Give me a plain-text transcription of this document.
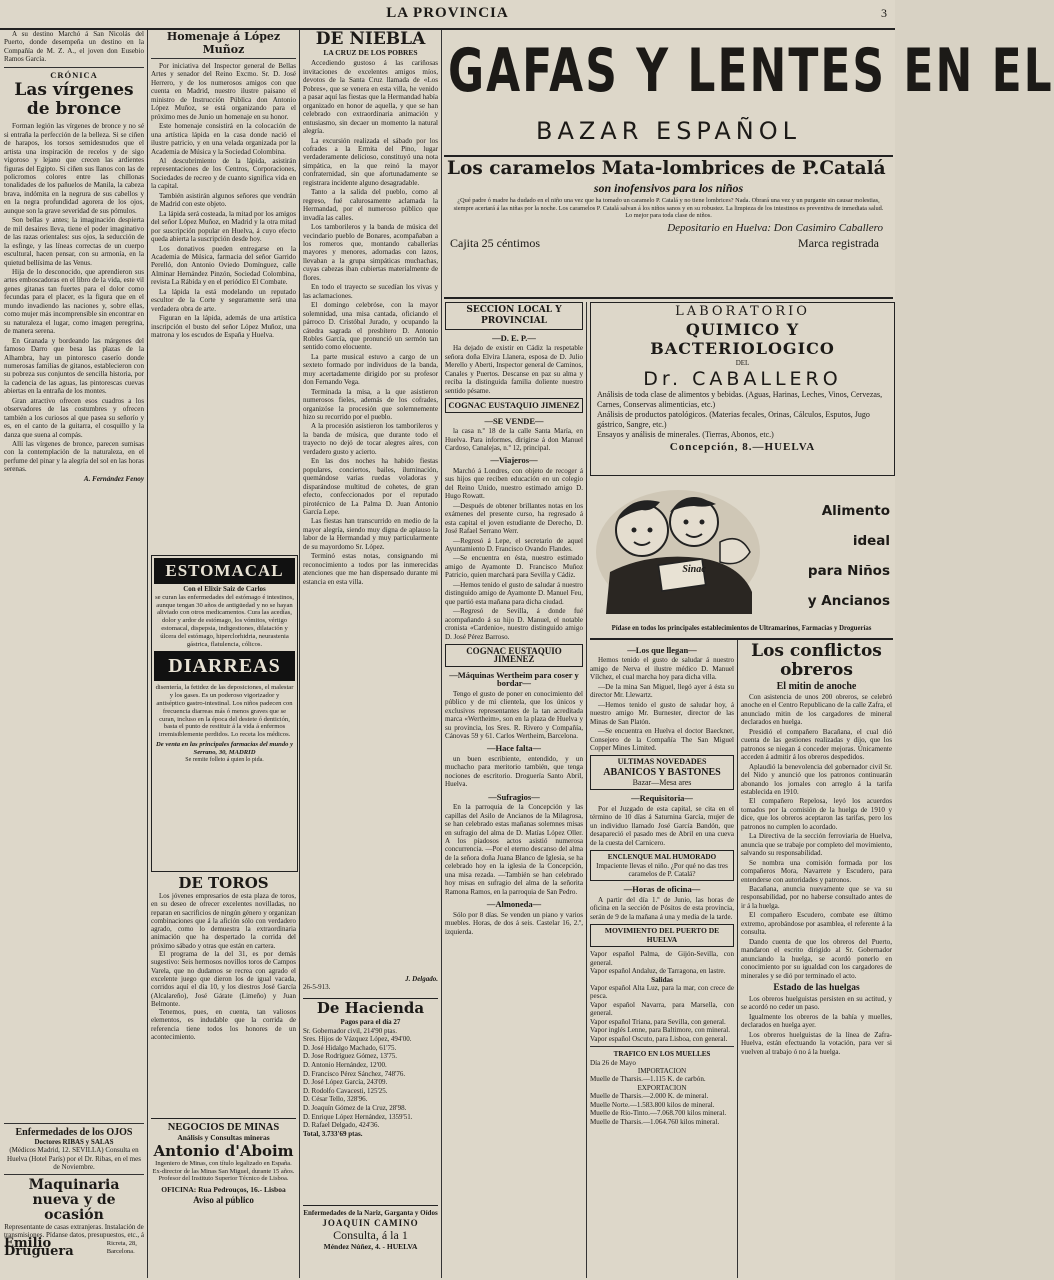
LA PROVINCIA	3

A su destino Marchó á San Nicolás del Puerto, donde desempeña un destino en la Compañía de M. Z. A., el joven don Eusebio Ramos García.

CRÓNICA
Las vírgenes de bronce

Forman legión las vírgenes de bronce y no sé si entraña la perfección de la belleza. Si se ciñen de harapos, los torsos semidesnudos que el artista una inspiración de recelos y de sigo vigoroso y lejano que crecen las ardientes figuras del Egipto. Si ciñen sus llanos con las de policromos colores entre las chillonas tonalidades de los pañuelos de Manila, la cabeza brava, indómita en la negrura de sus cabellos y en la negra profundidad agorera de los ojos, aunque son la grave severidad de sus pómulos.

Son bellas y antes; la imaginación despierta de mil desaires lleva, tiene el poder imaginativo de las razas orientales: sus ojos, la seducción de la esfinge, y las líneas correctas de un cuerpo escultural, hacen pensar, con su armonía, en la quietud bellísima de las Venus.

Hija de lo desconocido, que aprendieron sus artes emboscadoras en el libro de la vida, este vil genes gitanas tan fuertes para el dolor como fecundas para el placer, es la figura que en el mundo invadiendo las naciones y, sobre ellas, como mujer más incomprensible sin encontrar en su naturaleza el lugar, como imagen peregrina, de manera serena.

En Granada y bordeando las márgenes del famoso Darro que besa las plazas de la Alhambra, hay un pintoresco caserío donde numerosas familias de gitanos, establecieron con su pobreza sus conjuntos de sencilla historia, por la cadencia de las aguas, las pintorescas cuevas abiertas en la entraña de los montes.

Gran atractivo ofrecen esos cuadros a los observadores de las costumbres y ofrecen también a los curiosos al que pasea su señorío y es, en el canto de la guitarra, el cosquillo y la danza que suena al compás.

Allí las vírgenes de bronce, parecen sumisas con la contemplación de la naturaleza, en el perfume del pinar y la alegría del sol en las horas serenas.

A. Fernández Fenoy
Enfermedades de los OJOS
Doctores RIBAS y SALAS
(Médicos Madrid, 12. SEVILLA) Consulta en Huelva (Hotel París) por el Dr. Ribas, en el mes de Noviembre.
Maquinaria nueva y de ocasión
Representante de casas extranjeras. Instalación de transmisiones. Pídanse datos, presupuestos, etc., á
Emilio Druguera
Ricreta, 28, Barcelona.
Homenaje á López Muñoz

Por iniciativa del Inspector general de Bellas Artes y senador del Reino Excmo. Sr. D. José Herrero, y de los numerosos amigos con que cuenta en Madrid, nuestro ilustre paisano el ministro de Instrucción Pública don Antonio López Muñoz, se está organizando para el próximo mes de Junio un homenaje en su honor.

Este homenaje consistirá en la colocación de una artística lápida en la casa donde nació el ilustre patricio, y en una velada organizada por la Academia de Música y la Sociedad Colombina.

Al descubrimiento de la lápida, asistirán representaciones de los Centros, Corporaciones, Sociedades de recreo y de cuanto significa vida en la capital.

También asistirán algunos señores que vendrán de Madrid con este objeto.

La lápida será costeada, la mitad por los amigos del señor López Muñoz, en Madrid y la otra mitad por suscripción popular en Huelva, á cuyo efecto queda abierta la suscripción desde hoy.

Los donativos pueden entregarse en la Academia de Música, farmacia del señor Garrido Perelló, don Antonio Oviedo Domínguez, calle Alminar Hernández Pinzón, Sociedad Colombina, revista La Rábida y en el periódico El Combate.

La lápida la está modelando un reputado escultor de la Corte y seguramente será una verdadera obra de arte.

Figuran en la lápida, además de una artística inscripción el busto del señor López Muñoz, una matrona y los escudos de España y Huelva.

ESTOMACAL
Con el Elixir Saiz de Carlos
se curan las enfermedades del estómago é intestinos, aunque tengan 30 años de antigüedad y no se hayan aliviado con otros medicamentos. Cura las acedías, dolor y ardor de estómago, los vómitos, vértigo estomacal, dispepsia, indigestiones, dilatación y úlcera del estómago, hiperclorhidria, neurastenia gástrica, flatulencia, cólicos.
DIARREAS
disentería, la fetidez de las deposiciones, el malestar y los gases. Es un poderoso vigorizador y antiséptico gastro-intestinal. Los niños padecen con frecuencia diarreas más ó menos graves que se curan, incluso en la época del destete ó dentición, basta el punto de restituir á la vida á enfermos irremisiblemente perdidos. Lo receta los médicos.
De venta en las principales farmacias del mundo y Serrano, 30, MADRID
Se remite folleto á quien lo pida.
DE TOROS

Los jóvenes empresarios de esta plaza de toros, en su deseo de ofrecer excelentes novilladas, no reparan en sacrificios de ningún género y organizan combinaciones que á la afición sólo con verdadero agrado, como lo demuestra la extraordinaria animación que ha despertado la corrida del próximo sábado y otras que están en cartera.

El programa de la del 31, es por demás sugestivo: Seis hermosos novillos toros de Campos Varela, que no dudamos se recrea con agrado el excelente juego que dieron los de igual vacada, corridos aquí el día 10, y los diestros José García (Alcalareño), José Gárate (Limeño) y Juan Belmonte.

Tenemos, pues, en cuenta, tan valiosos elementos, es indudable que la corrida de referencia tiene todos los honores de un acontecimiento.

NEGOCIOS DE MINAS
Análisis y Consultas mineras
Antonio d'Aboim
Ingeniero de Minas, con título legalizado en España. Ex-director de las Minas San Miguel, durante 15 años. Profesor del Instituto Superior Técnico de Lisboa.
OFICINA: Rua Pedrouços, 16.- Lisboa
Aviso al público
DE NIEBLA
LA CRUZ DE LOS POBRES

Accediendo gustoso á las cariñosas invitaciones de excelentes amigos míos, devotos de la Santa Cruz llamada de «Los Pobres», que se venera en esta villa, he venido a pasar aquí las fiestas que la Hermandad había organizado en honor de aquella, y que se han celebrado con extraordinaria animación y entusiasmo, sin decaer un momento la natural alegría.

La excursión realizada el sábado por los cofrades a la Ermita del Pino, lugar verdaderamente delicioso, constituyó una nota simpática, en la que reinó la mayor confraternidad, sin que afortunadamente se registrara incidente alguno desagradable.

Tanto a la salida del pueblo, como al regreso, fué calurosamente aclamada la Hermandad, por el numeroso público que invadía las calles.

Los tamborileros y la banda de música del vecindario pueblo de Bonares, acompañaban a los romeros que, montando caballerías mayores y menores, adornadas con lazos, llevaban a la grupa simpáticas muchachas, cuyas cabezas iban cubiertas materialmente de flores.

En todo el trayecto se sucedían los vivas y las aclamaciones.

El domingo celebróse, con la mayor solemnidad, una misa cantada, oficiando el párroco D. Cristóbal Jurado, y ocupando la cátedra sagrada el presbítero D. Antonio Robles García, que pronunció un sermón tan sentido como elocuente.

La parte musical estuvo a cargo de un sexteto formado por individuos de la banda, muy acertadamente dirigido por su profesor don Fernando Vega.

Terminada la misa, a la que asistieron numerosos fieles, además de los cofrades, organizóse la procesión que solemnemente hizo su recorrido por el pueblo.

A la procesión asistieron los tamborileros y la banda de música, que durante todo el trayecto no dejó de tocar alegres aíres, con verdadero gusto y acierto.

En las dos noches ha habido fiestas populares, conciertos, bailes, iluminación, quemándose varias ruedas voladoras y disparándose multitud de cohetes, de gran efecto, confeccionados por el reputado pirotécnico de La Palma D. Juan Antonio García Lepe.

Las fiestas han transcurrido en medio de la mayor alegría, siendo muy digna de aplauso la labor de la Hermandad y muy particularmente de su mayordomo Sr. López.

Terminó estas notas, consignando mi reconocimiento a todos por las inmerecidas atenciones que me han dispensado durante mi estancia en esta villa.

J. Delgado.
26-5-913.
De Hacienda
Pagos para el día 27
Sr. Gobernador civil, 214'90 ptas.
Sres. Hijos de Vázquez López, 494'00.
D. José Hidalgo Machado, 61'75.
D. Jose Rodríguez Gómez, 13'75.
D. Antonio Hernández, 12'00.
D. Francisco Pérez Sánchez, 748'76.
D. José López García, 243'09.
D. Rodolfo Cavacesti, 125'25.
D. César Tello, 328'96.
D. Joaquín Gómez de la Cruz, 28'98.
D. Enrique López Hernández, 1359'51.
D. Rafael Delgado, 424'36.
Total, 3.733'69 ptas.
Enfermedades de la Nariz, Garganta y Oídos
JOAQUIN CAMINO
Consulta, á la 1
Méndez Núñez, 4. - HUELVA
GAFAS Y LENTES EN EL
BAZAR ESPAÑOL
Los caramelos Mata-lombrices de P.Catalá
son inofensivos para los niños
¿Qué padre ó madre ha dudado en el niño una vez que ha tomado un caramelo P. Catalá y no tiene lombrices? Nada. Obrará una vez y un purgante sin causar molestias, siempre acertará á las niñas por la noche. Los caramelos P. Catalá salvan á los niños sanos y en su robustez. La limpieza de los intestinos es preventiva de inmediata salud. Lo mejor para toda clase de niños.
Depositario en Huelva: Don Casimiro Caballero
Cajita 25 céntimos	Marca registrada
SECCION LOCAL Y PROVINCIAL
—D. E. P.—

Ha dejado de existir en Cádiz la respetable señora doña Elvira Llanera, esposa de D. Julio Merello y Aberti, Inspector general de Caminos, Canales y Puertos. Descanse en paz su alma y reciba la distinguida familia doliente nuestro sentido pésame.

COGNAC EUSTAQUIO JIMENEZ
—SE VENDE—

la casa n.º 18 de la calle Santa María, en Huelva. Para informes, dirigirse á don Manuel Cardoso, Canalejas, n.º 12, principal.

—Viajeros—

Marchó á Londres, con objeto de recoger á sus hijos que reciben educación en un colegio del Reino Unido, nuestro estimado amigo D. Hugo Rowatt.

—Después de obtener brillantes notas en los exámenes del presente curso, ha regresado á esta capital el joven estudiante de Derecho, D. José Rafael Serrano Werr.

—Regresó á Lepe, el secretario de aquel Ayuntamiento D. Francisco Ovando Flandes.

—Se encuentra en ésta, nuestro estimado amigo de Ayamonte D. Francisco Muñoz Patricio, quien marchará para Sevilla y Cádiz.

—Hemos tenido el gusto de saludar á nuestro distinguido amigo de Ayamonte D. Manuel Feu, que partió esta mañana para dicha ciudad.

—Regresó de Sevilla, á donde fué acompañando á su hijo D. Manuel, el notable cronista «Cardenio», nuestro distinguido amigo D. José Pérez Barroso.

COGNAC EUSTAQUIO JIMENEZ
—Máquinas Wertheim para coser y bordar—

Tengo el gusto de poner en conocimiento del público y de mi clientela, que los únicos y exclusivos representantes de la tan acreditada marca «Wertheim», son en la plaza de Huelva y su provincia, los Sres. R. Rivero y Compañía, Cánovas 59 y 61. Carlos Wertheim, Barcelona.

—Hace falta—

un buen escribiente, entendido, y un muchacho para meritorio también, que tenga nociones de escritorio. Droguería Santo Abril, Huelva.

—Sufragios—

En la parroquia de la Concepción y las capillas del Asilo de Ancianos de la Milagrosa, se han celebrado estas mañanas solemnes misas en sufragio del alma de D. Matías López Oller. A los piadosos actos asistió numerosa concurrencia. —Por el eterno descanso del alma de la señora doña Juana Blanco de Iglesia, se ha celebrado hoy en la iglesia de la Concepción, una misa rezada. —También se han celebrado hoy misas en sufragio del alma de la señorita Ramona Ramos, en la parroquia de San Pedro.

—Almoneda—

Sólo por 8 días. Se venden un piano y varios muebles. Horas, de dos á seis. Castelar 16, 2.º, izquierda.

LABORATORIO
QUIMICO Y BACTERIOLOGICO
DEL
Dr. CABALLERO
Análisis de toda clase de alimentos y bebidas. (Aguas, Harinas, Leches, Vinos, Cervezas, Carnes, Conservas alimenticias, etc.)
Análisis de productos patológicos. (Materias fecales, Orinas, Cálculos, Esputos, Jugo gástrico, Sangre, etc.)
Ensayos y análisis de minerales. (Tierras, Abonos, etc.)
Concepción, 8.—HUELVA
Sinac
Alimento
ideal
para Niños
y Ancianos
Pídase en todos los principales establecimientos de Ultramarinos, Farmacias y Droguerías
—Los que llegan—

Hemos tenido el gusto de saludar á nuestro amigo de Nerva el ilustre médico D. Manuel Vílchez, el cual marcha hoy para dicha villa.

—De la mina San Miguel, llegó ayer á ésta su director Mr. Llewartz.

—Hemos tenido el gusto de saludar hoy, á nuestro amigo Mr. Burnester, director de las Minas de San Platón.

—Se encuentra en Huelva el doctor Baeckner, Consejero de la Compañía The San Miguel Copper Mines Limited.

ULTIMAS NOVEDADES
ABANICOS Y BASTONES
Bazar—Mesa ares
—Requisitoria—

Por el Juzgado de esta capital, se cita en el término de 10 días á Saturnina García, mujer de un individuo llamado José García Bandón, que desapareció el pasado mes de Abril en una cueva de la cuesta del Carnicero.

ENCLENQUE MAL HUMORADO
Impaciente llevas el niño. ¿Por qué no das tres caramelos de P. Catalá?
—Horas de oficina—

A partir del día 1.º de Junio, las horas de oficina en la sección de Pósitos de esta provincia, serán de 9 de la mañana á una y media de la tarde.

MOVIMIENTO DEL PUERTO DE HUELVA
Vapor español Palma, de Gijón-Sevilla, con general.
Vapor español Andaluz, de Tarragona, en lastre.
Salidas
Vapor español Alta Luz, para la mar, con crece de pesca.
Vapor español Navarra, para Marsella, con general.
Vapor español Triana, para Sevilla, con general.
Vapor inglés Lenne, para Baltimore, con mineral.
Vapor español Oscuto, para Lisboa, con general.
TRAFICO EN LOS MUELLES
Día 26 de Mayo
IMPORTACION
Muelle de Tharsis.—1.115 K. de carbón.
EXPORTACION
Muelle de Tharsis.—2.000 K. de mineral.
Muelle Norte.—1.583.800 kilos de mineral.
Muelle de Río-Tinto.—7.068.700 kilos mineral.
Muelle de Tharsis.—1.064.760 kilos mineral.
Los conflictos obreros
El mitin de anoche

Con asistencia de unos 200 obreros, se celebró anoche en el Centro Republicano de la calle Zafra, el anunciado mitin de los cargadores de mineral declarados en huelga.

Presidió el compañero Bacañana, el cual dió cuenta de las gestiones realizadas y dijo, que los patronos se niegan á conceder mejoras. Únicamente acceden á admitir á los obreros despedidos.

Aplaudió la benevolencia del gobernador civil Sr. del Nido y anunció que los patronos continuarán abonando los jornales con arreglo á la tarifa establecida en 1910.

El compañero Repelosa, leyó los acuerdos tomados por la comisión de la huelga de 1910 y dice, que los obreros aceptaron las tarifas, pero los patronos no cumplen lo acordado.

La Directiva de la sección ferroviaria de Huelva, anuncia que se trabaje por completo del movimiento, salvando su responsabilidad.

Se nombra una comisión formada por los compañeros Mora, Navarrete y Escudero, para entenderse con autoridades y patronos.

Bacañana, anuncia nuevamente que se va su responsabilidad, por no haberse consultado antes de ir á la huelga.

El compañero Escudero, combate ese último extremo, aprobándose por asamblea, el referente á la consulta.

Dando cuenta de que los obreros del Puerto, mandaron el escrito dirigido al Sr. Gobernador anunciando la huelga, se acordó ponerlo en conocimiento por su igualdad con los cargadores de minerales y se dió por terminado el acto.

Estado de las huelgas

Los obreros huelguistas persisten en su actitud, y se acordó no ceder un paso.

Igualmente los obreros de la bahía y muelles, declarados en huelga ayer.

Los obreros huelguistas de la línea de Zafra-Huelva, están efectuando la votación, para ver si vuelven al trabajo ó no á la huelga.
